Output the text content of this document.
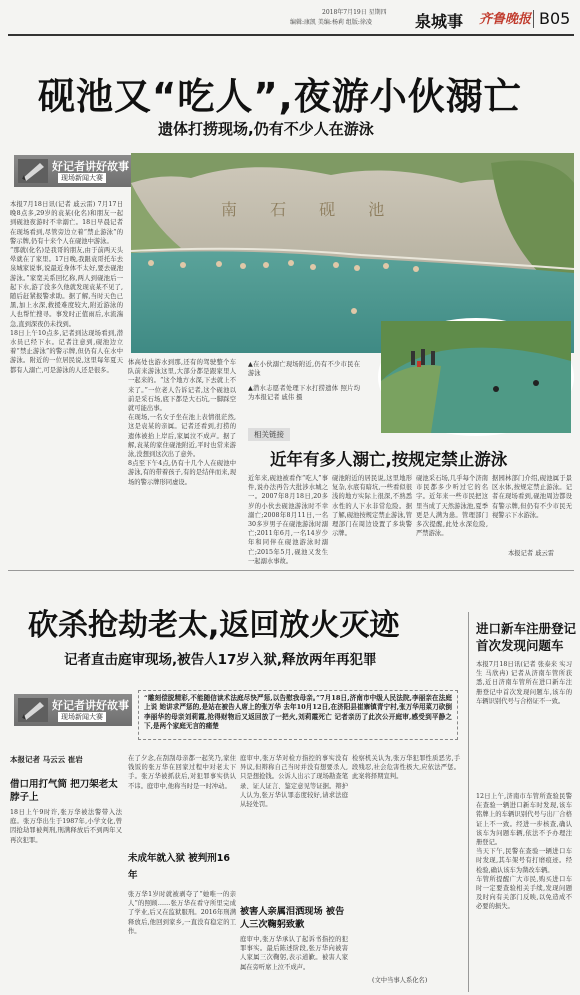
2018年7月19日 星期四
编辑:康凯 美编:杨莉 组版:徐凌	泉城事 齐鲁晚报 B05
砚池又“吃人”,夜游小伙溺亡
遗体打捞现场,仍有不少人在游泳
好记者讲好故事
现场新闻大赛
本报7月18日讯(记者 戚云雷) 7月17日晚8点多,29岁的袁某(化名)和朋友一起到砚池夜游时不幸溺亡。18日早晨记者在现场看到,尽管旁边立着“禁止游泳”的警示牌,仍有十来个人在砚池中游泳。
“那就(化名)是我哥的朋友,由于前两天头晕就在了家里。17日晚,我跟袁哥托车去泉城家说事,说最近身体不太好,要去砚池游泳。”家宽关系回忆称,两人到砚池后一起下水,游了没多久他就发现袁某不见了,随后赶紧报警求助。据了解,当时天色已黑,加上水深,救援难度较大,附近游泳的人也帮忙搜寻。事发时正值雨后,水流湍急,直到深夜仍未找到。
18日上午10点多,记者到达现场看到,潜水员已经下水。记者注意到,砚池边立着“禁止游泳”的警示牌,但仍有人在水中游泳。附近的一位居民说,这里每年夏天都有人溺亡,可是游泳的人还是很多。
体高处也游水到那,还有的驾驶整个车队前来游泳这里,大部分都是跟家里人一起来的。“这个地方水深,下去就上不来了。”一位老人告诉记者,这个砚池以前是采石场,底下都是大石坑,一脚踩空就可能出事。
在现场,一名女子坐在池上表情很茫然,这是袁某的亲属。记者还看到,打捞的遗体被抬上岸后,家属泣不成声。据了解,袁某的家住砚池附近,平时也常来游泳,没想到这次出了意外。
8点至下午4点,仍有十几个人在砚池中游泳,有的带着孩子,有的是结伴而来,现场的警示牌形同虚设。
南 石 砚 池
▲在小伙溺亡现场附近,仍有不少市民在游泳
▲潜水志愿者处理下水打捞遗体 照片均为本报记者 戚伟 摄
相关链接
近年有多人溺亡,按规定禁止游泳
近年来,砚池被看作“吃人”事件,说办法再告大批涉水城之一。2007年8月18日,20多岁的小伙去砚池游泳时不幸溺亡;2008年8月11日,一名30多岁男子在砚池游泳时溺亡;2011年6月,一名14岁少年和同伴在砚池游泳时溺亡;2015年5月,砚池又发生一起溺水事故。
砚池附近的居民说,这里地形复杂,水底有暗坑,一些看似很浅的地方实际上很深,不熟悉水性的人下水非常危险。据了解,砚池按规定禁止游泳,管理部门在周边设置了多块警示牌。
砚池采石场,几乎每个济南市民都多少听过它的名字。近年来一些市民把这里当成了天然游泳池,夏季更是人满为患。管理部门多次提醒,此处水深危险,严禁游泳。
据园林部门介绍,砚池属于景区水体,按规定禁止游泳。记者在现场看到,砚池周边都设有警示牌,但仍有不少市民无视警示下水游泳。
本报记者 戚云雷
砍杀抢劫老太,返回放火灭迹
记者直击庭审现场,被告人17岁入狱,释放两年再犯罪
好记者讲好故事
现场新闻大赛
“雕刻偿脱精彩,不能随信读术法庭尽快严惩,以告慰我母亲。”7月18日,济南市中级人民法院,李丽亲在法庭上说 她讲求严惩的,是站在被告人席上的张万华 去年10月12日,在济阳县崔寨镇青宁村,张万华用菜刀砍倒李丽华的母亲刘莉霞,抢得财物后又返回放了一把火,刘莉霞死亡 记者亲历了此次公开庭审,感受到平静之下,是两个家庭无言的痛楚
本报记者 马云云 崔岩
借口用打气筒 把刀架老太脖子上
18日上午9时许,张万华被法警带入法庭。张万华出生于1987年,小学文化,曾因抢劫罪被判刑,刑满释放后不到两年又再次犯罪。
在了夕念,在刮刮母亲都一起笑乃,家住钱饭的张万华在回家过程中对老太下手。张万华被抓获后,对犯罪事实供认不讳。庭审中,他称当时是一时冲动。
未成年就入狱 被判刑16年
张万华1岁时就被剥夺了“她唯一的亲人”的照顾……张万华在看守所里完成了学业,后又在监狱服刑。2016年刑满释放后,他回到家乡,一直没有稳定的工作。
庭审中,张万华对检方指控的事实没有异议,但辩称自己当时并没有想要杀人,只是想抢钱。公诉人出示了现场勘查笔录、证人证言、鉴定意见等证据。辩护人认为,张万华认罪态度较好,请求法庭从轻处罚。
被害人亲属泪洒现场 被告人三次鞠躬致歉
庭审中,张万华承认了起诉书指控的犯罪事实。最后陈述阶段,张万华向被害人家属三次鞠躬,表示道歉。被害人家属在旁听席上泣不成声。
检察机关认为,张万华犯罪性质恶劣,手段残忍,社会危害性极大,应依法严惩。此案将择期宣判。
(文中当事人系化名)
进口新车注册登记 首次发现问题车
本报7月18日讯(记者 张泰来 实习生 马欣冉) 记者从济南车管所获悉,近日济南车管所在进口新车注册登记中首次发现问题车,该车的车辆识别代号与合格证不一致。
12日上午,济南市车管所查验民警在查验一辆进口新车时发现,该车铭牌上的车辆识别代号与出厂合格证上不一致。经进一步核查,确认该车为问题车辆,依法不予办理注册登记。
当天下午,民警在查验一辆进口车时发现,其车架号有打磨痕迹。经检验,确认该车为凿改车辆。
车管所提醒广大市民,购买进口车时一定要查验相关手续,发现问题及时向有关部门反映,以免造成不必要的损失。
